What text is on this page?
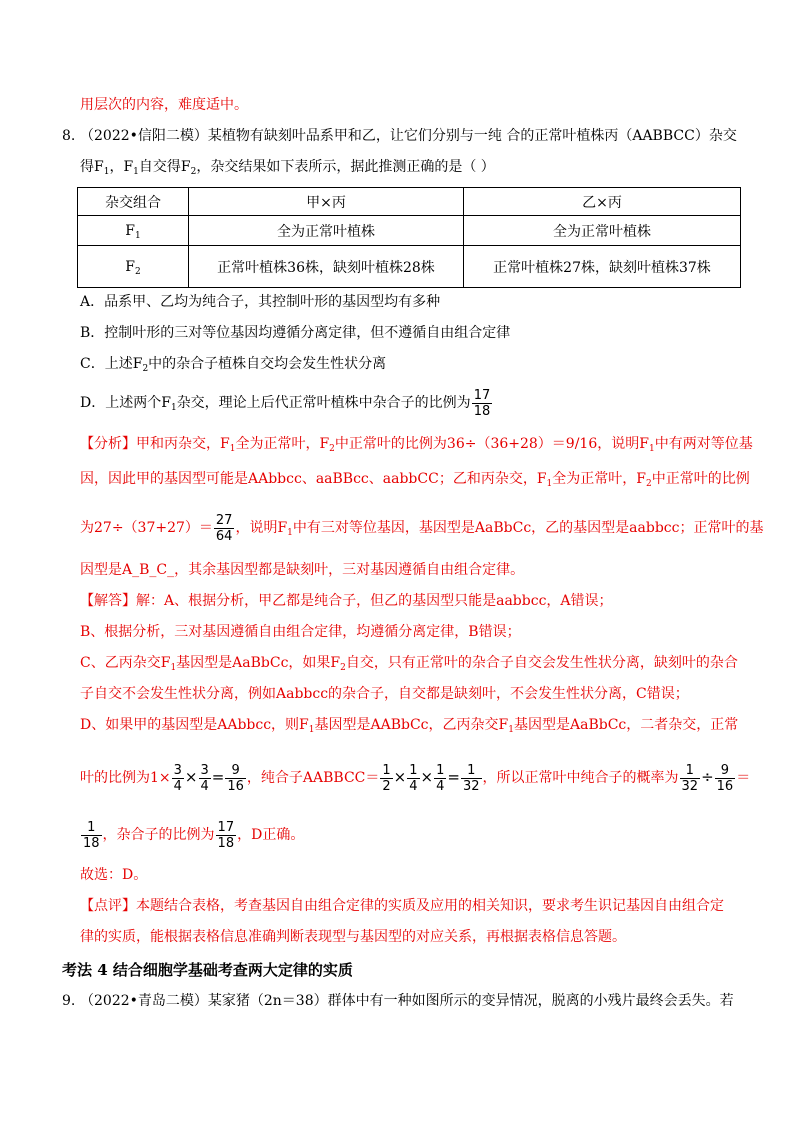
用层次的内容，难度适中。
8. （2022•信阳二模）某植物有缺刻叶品系甲和乙，让它们分别与一纯 合的正常叶植株丙（AABBCC）杂交
得$F_1$，$F_1$自交得$F_2$，杂交结果如下表所示，据此推测正确的是（ ）
杂交组合	甲×丙	乙×丙
$F_1$	全为正常叶植株	全为正常叶植株
$F_2$	正常叶植株36株，缺刻叶植株28株	正常叶植株27株，缺刻叶植株37株
A．品系甲、乙均为纯合子，其控制叶形的基因型均有多种
B．控制叶形的三对等位基因均遵循分离定律，但不遵循自由组合定律
C．上述$F_2$中的杂合子植株自交均会发生性状分离
D．上述两个$F_1$杂交，理论上后代正常叶植株中杂合子的比例为 $\frac{17}{18}$
【分析】甲和丙杂交，$F_1$全为正常叶，$F_2$中正常叶的比例为36÷（36+28）＝9/16，说明$F_1$中有两对等位基
因，因此甲的基因型可能是AAbbcc、aaBBcc、aabbCC；乙和丙杂交，$F_1$全为正常叶，$F_2$中正常叶的比例
为$27\div(37+27)= \frac{27}{64}$ ，说明$F_1$中有三对等位基因，基因型是AaBbCc，乙的基因型是aabbcc；正常叶的基
因型是A_B_C_，其余基因型都是缺刻叶，三对基因遵循自由组合定律。
【解答】解：A、根据分析，甲乙都是纯合子，但乙的基因型只能是aabbcc，A错误；
B、根据分析，三对基因遵循自由组合定律，均遵循分离定律，B错误；
C、乙丙杂交$F_1$基因型是AaBbCc，如果$F_2$自交，只有正常叶的杂合子自交会发生性状分离，缺刻叶的杂合
子自交不会发生性状分离，例如Aabbcc的杂合子，自交都是缺刻叶，不会发生性状分离，C错误；
D、如果甲的基因型是AAbbcc，则$F_1$基因型是AABbCc，乙丙杂交$F_1$基因型是AaBbCc，二者杂交，正常
叶的比例为$1\times \frac{3}{4} \times \frac{3}{4} = \frac{9}{16}$ ，纯合子AABBCC＝ $\frac{1}{2} \times \frac{1}{4} \times \frac{1}{4} = \frac{1}{32}$ ，所以正常叶中纯合子的概率为 $\frac{1}{32} \div \frac{9}{16}$ ＝
$\frac{1}{18}$ ，杂合子的比例为 $\frac{17}{18}$ ，D正确。
故选：D。
【点评】本题结合表格，考查基因自由组合定律的实质及应用的相关知识，要求考生识记基因自由组合定
律的实质，能根据表格信息准确判断表现型与基因型的对应关系，再根据表格信息答题。
考法 4 结合细胞学基础考查两大定律的实质
9. （2022•青岛二模）某家猪（2n＝38）群体中有一种如图所示的变异情况，脱离的小残片最终会丢失。若
